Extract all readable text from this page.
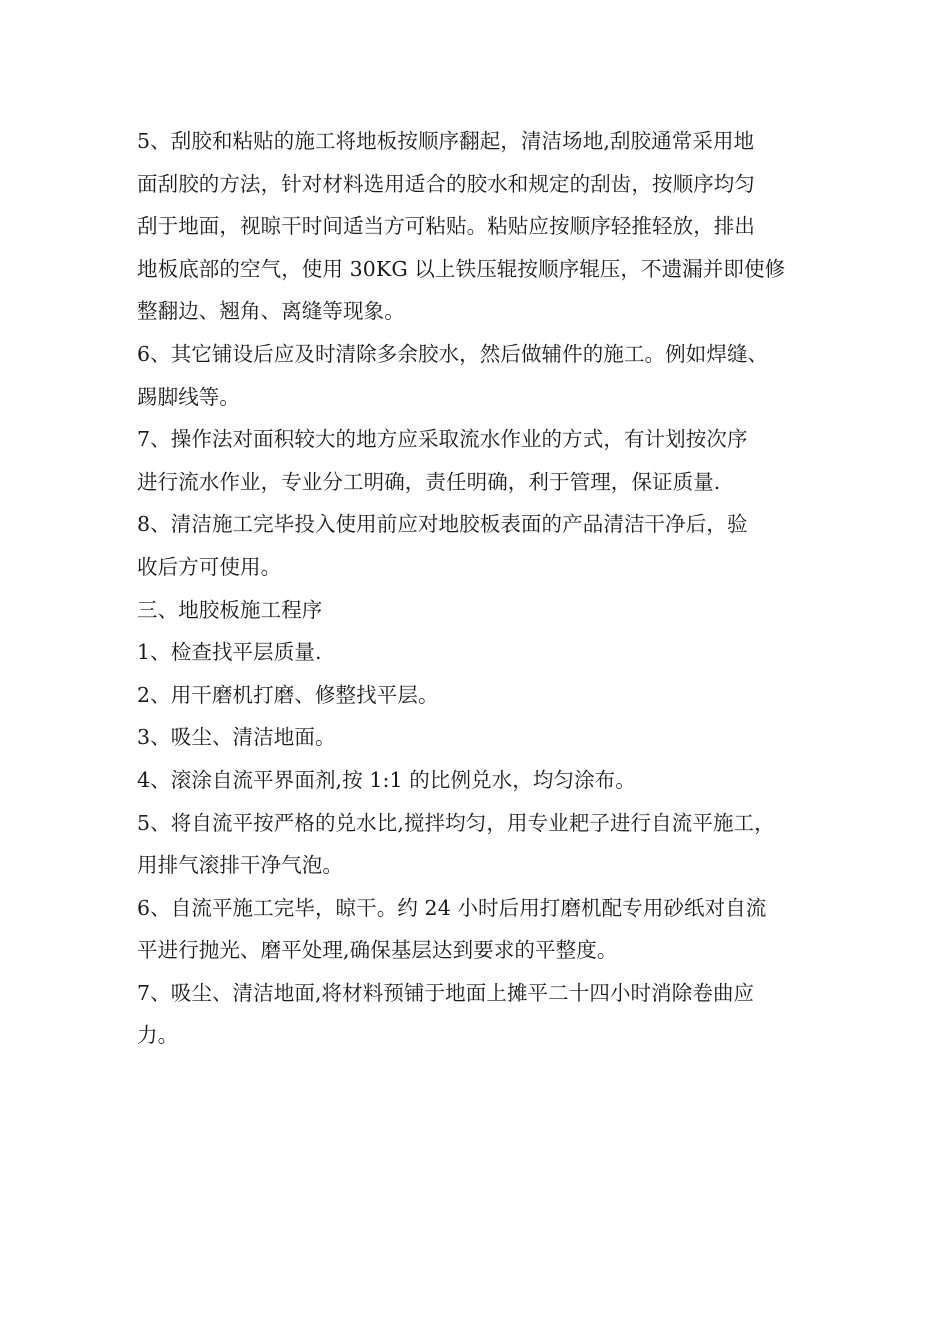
5、刮胶和粘贴的施工将地板按顺序翻起，清洁场地,刮胶通常采用地
面刮胶的方法，针对材料选用适合的胶水和规定的刮齿，按顺序均匀
刮于地面，视晾干时间适当方可粘贴。粘贴应按顺序轻推轻放，排出
地板底部的空气，使用 30KG 以上铁压辊按顺序辊压，不遗漏并即使修
整翻边、翘角、离缝等现象。
6、其它铺设后应及时清除多余胶水，然后做辅件的施工。例如焊缝、
踢脚线等。
7、操作法对面积较大的地方应采取流水作业的方式，有计划按次序
进行流水作业，专业分工明确，责任明确，利于管理，保证质量.
8、清洁施工完毕投入使用前应对地胶板表面的产品清洁干净后，验
收后方可使用。
三、地胶板施工程序
1、检查找平层质量.
2、用干磨机打磨、修整找平层。
3、吸尘、清洁地面。
4、滚涂自流平界面剂,按 1:1 的比例兑水，均匀涂布。
5、将自流平按严格的兑水比,搅拌均匀，用专业耙子进行自流平施工，
用排气滚排干净气泡。
6、自流平施工完毕，晾干。约 24 小时后用打磨机配专用砂纸对自流
平进行抛光、磨平处理,确保基层达到要求的平整度。
7、吸尘、清洁地面,将材料预铺于地面上摊平二十四小时消除卷曲应
力。
